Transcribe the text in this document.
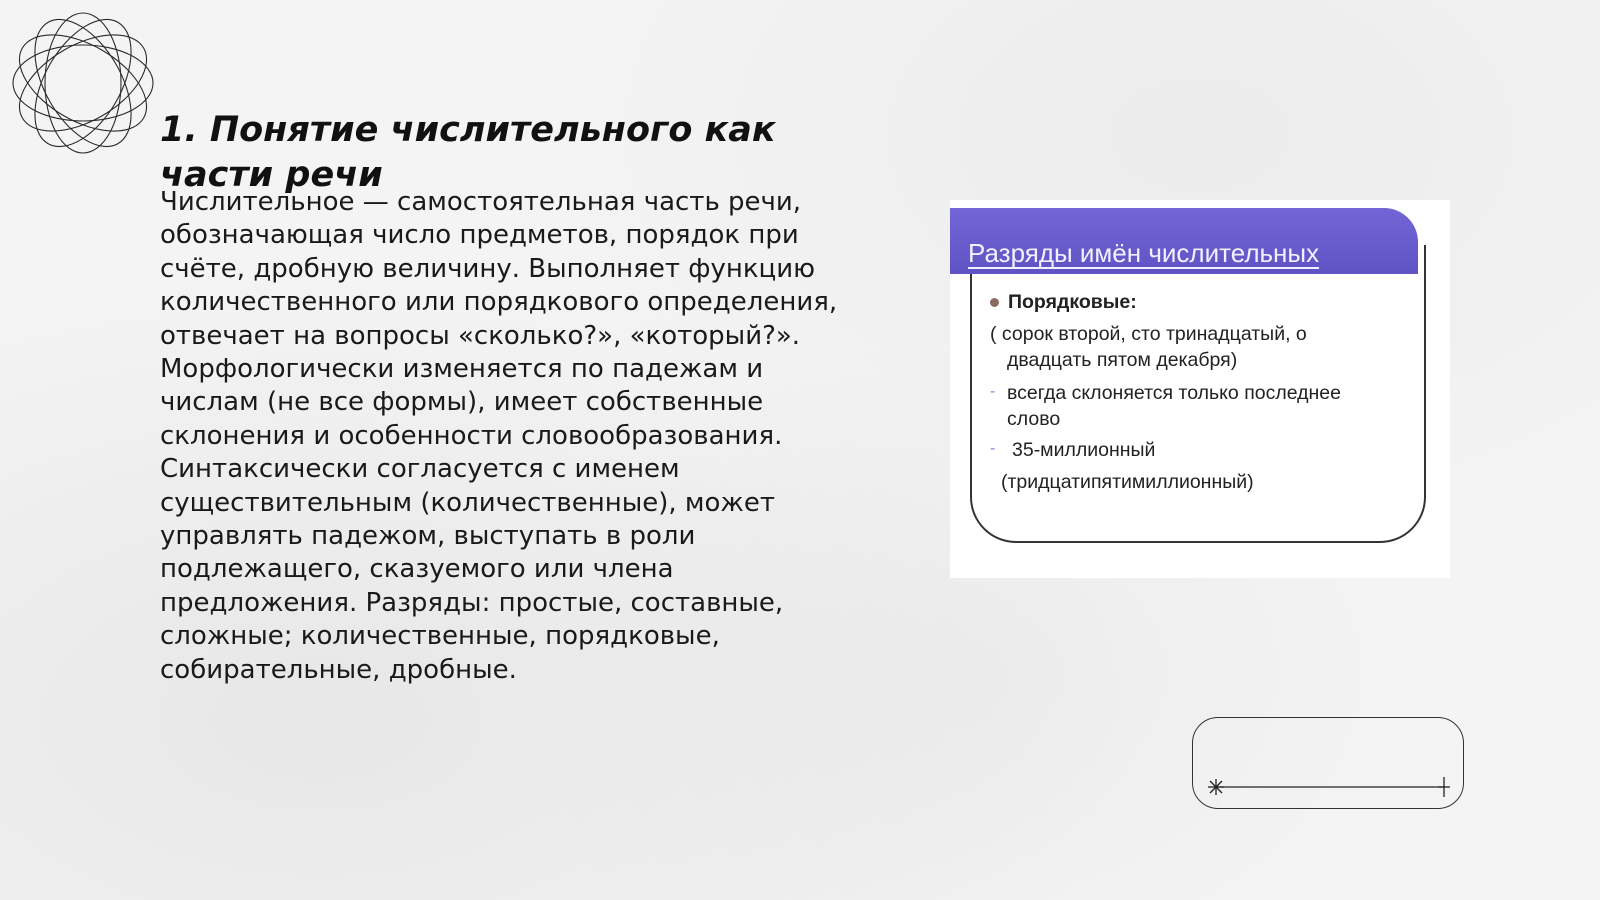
1. Понятие числительного как
части речи
Числительное — самостоятельная часть речи,
обозначающая число предметов, порядок при
счёте, дробную величину. Выполняет функцию
количественного или порядкового определения,
отвечает на вопросы «сколько?», «который?».
Морфологически изменяется по падежам и
числам (не все формы), имеет собственные
склонения и особенности словообразования.
Синтаксически согласуется с именем
существительным (количественные), может
управлять падежом, выступать в роли
подлежащего, сказуемого или члена
предложения. Разряды: простые, составные,
сложные; количественные, порядковые,
собирательные, дробные.
Разряды имён числительных
Порядковые:
( сорок второй, сто тринадцатый, о
двадцать пятом декабря)
- всегда склоняется только последнее
слово
- 35-миллионный
(тридцатипятимиллионный)
